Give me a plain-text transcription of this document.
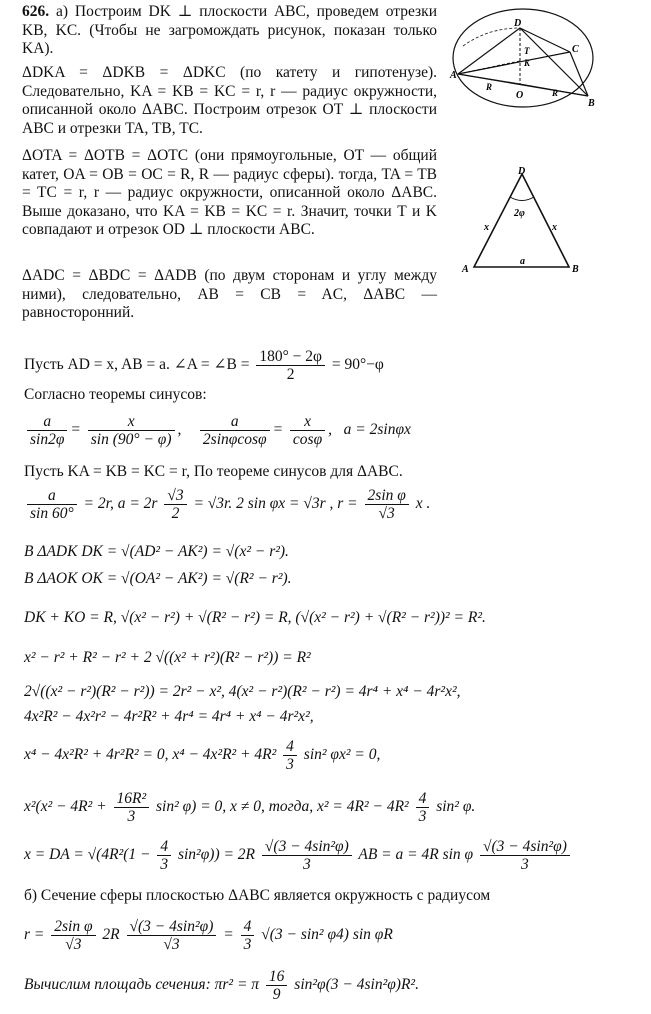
626. а) Построим DK ⊥ плоскости ABC, проведем отрезки KB, KC. (Чтобы не загромождать рисунок, показан только KA).
ΔDKA = ΔDKB = ΔDKC (по катету и гипотенузе). Следовательно, KA = KB = KC = r, r — радиус окружности, описанной около ΔABC. Построим отрезок OT ⊥ плоскости ABC и отрезки TA, TB, TC.
ΔOTA = ΔOTB = ΔOTC (они прямоугольные, OT — общий катет, OA = OB = OC = R, R — радиус сферы). тогда, TA = TB = TC = r, r — радиус окружности, описанной около ΔABC. Выше доказано, что KA = KB = KC = r. Значит, точки T и K совпадают и отрезок OD ⊥ плоскости ABC.
ΔADC = ΔBDC = ΔADB (по двум сторонам и углу между ними), следовательно, AB = CB = AC, ΔABC — равносторонний.
D
T
K
C
A
R
O	R
B
D
2φ
x	x
a
A	B
Пусть AD = x, AB = a. ∠A = ∠B = $\frac{180^\circ - 2\varphi}{2} = 90^\circ-\varphi$
Согласно теоремы синусов:
$\frac{a}{\sin 2\varphi} = \frac{x}{\sin (90^\circ - \varphi)}$ , $\frac{a}{2\sin\varphi\cos\varphi} = \frac{x}{\cos\varphi}$ ,   a = 2sinφx
Пусть KA = KB = KC = r, По теореме синусов для ΔABC.
$\frac{a}{\sin 60^\circ} = 2r$, $a = 2r \frac{√3}{2} = √3r$. 2 sin φx = √3r , $r = \frac{\text{2sin φ}}{√3}$ x .
В ΔADK DK = √(AD² − AK²) = √(x² − r²).
В ΔAOK OK = √(OA² − AK²) = √(R² − r²).
DK + KO = R, √(x² − r²) + √(R² − r²) = R, (√(x² − r²) + √(R² − r²))² = R².
x² − r² + R² − r² + 2 √((x² + r²)(R² − r²)) = R²
2√((x² − r²)(R² − r²)) = 2r² − x², 4(x² − r²)(R² − r²) = 4r⁴ + x⁴ − 4r²x²,
4x²R² − 4x²r² − 4r²R² + 4r⁴ = 4r⁴ + x⁴ − 4r²x²,
x⁴ − 4x²R² + 4r²R² = 0, $x^4 - 4x^2R^2 + 4R^2 \frac{4}{3} \sin^2$ φx² = 0,
$x^2(x^2 - 4R^2 + \frac{\text{16R²}}{3} \sin^2$ φ) = 0, x ≠ 0, тогда, $x^2 = 4R^2 - 4R^2 \frac{4}{3} \sin^2$ φ.
x = DA = $√(4R^2(1 - \frac{4}{3} \sin^2\varphi)) = 2R \frac{\text{√(3 − 4sin²φ)}}{3}$ AB = a = 4R sin φ $\frac{\text{√(3 − 4sin²φ)}}{3}$
б) Сечение сферы плоскостью ΔABC является окружность с радиусом
$r = \frac{\text{2sin φ}}{√3} 2R \frac{\text{√(3 − 4sin²φ)}}{√3} = \frac{4}{3} √(3 - \sin^2$ φ4) sin φR
Вычислим площадь сечения: πr² = π $\frac{16}{9} \sin^2\varphi(3 - 4\sin^2\varphi)R^2$.
